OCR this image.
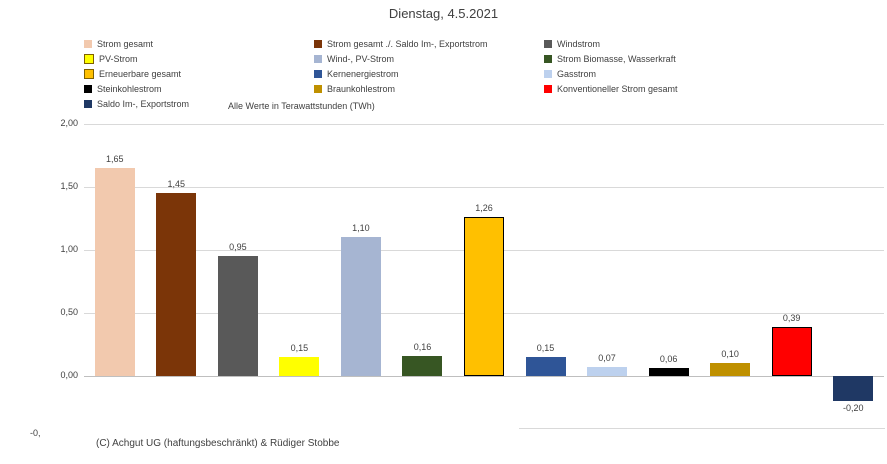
Dienstag, 4.5.2021
Strom gesamt	Strom gesamt ./. Saldo Im-, Exportstrom	Windstrom
PV-Strom	Wind-, PV-Strom	Strom Biomasse, Wasserkraft
Erneuerbare gesamt	Kernenergiestrom	Gasstrom
Steinkohlestrom	Braunkohlestrom	Konventioneller Strom gesamt
Saldo Im-, Exportstrom	Alle Werte in Terawattstunden (TWh)
0,00
0,50
1,00
1,50
2,00
1,65
1,45
0,95
0,15
1,10
0,16
1,26
0,15
0,07	0,06
0,10
0,39
-0,20
(C) Achgut UG (haftungsbeschränkt) & Rüdiger Stobbe
-0,
